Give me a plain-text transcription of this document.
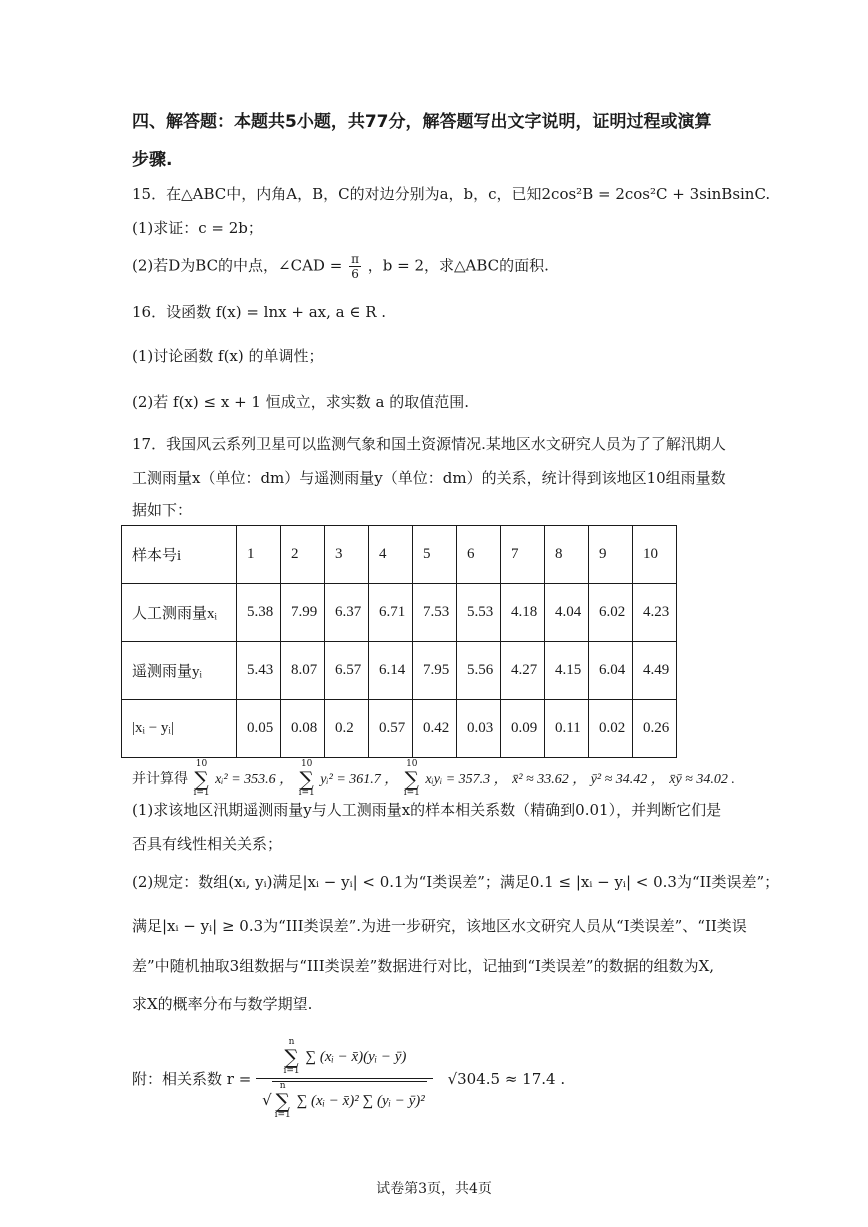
四、解答题：本题共5小题，共77分，解答题写出文字说明，证明过程或演算
步骤.
15．在△ABC中，内角A，B，C的对边分别为a，b，c，已知2cos²B = 2cos²C + 3sinBsinC.
(1)求证：c = 2b；
(2)若D为BC的中点，∠CAD = $\frac{\pi}{6}$ ，b = 2，求△ABC的面积.
16．设函数 f(x) = lnx + ax, a ∈ R .
(1)讨论函数 f(x) 的单调性；
(2)若 f(x) ≤ x + 1 恒成立，求实数 a 的取值范围.
17．我国风云系列卫星可以监测气象和国土资源情况.某地区水文研究人员为了了解汛期人
工测雨量x（单位：dm）与遥测雨量y（单位：dm）的关系，统计得到该地区10组雨量数
据如下：
样本号i	1	2	3	4	5	6	7	8	9	10
人工测雨量xᵢ	5.38	7.99	6.37	6.71	7.53	5.53	4.18	4.04	6.02	4.23
遥测雨量yᵢ	5.43	8.07	6.57	6.14	7.95	5.56	4.27	4.15	6.04	4.49
|xᵢ − yᵢ|	0.05	0.08	0.2	0.57	0.42	0.03	0.09	0.11	0.02	0.26
并计算得
10
∑
i=1
xᵢ² = 353.6 ，
10
∑
i=1
yᵢ² = 361.7 ，
10
∑
i=1
xᵢyᵢ = 357.3 ， x̄² ≈ 33.62 ， ȳ² ≈ 34.42 ， x̄ȳ ≈ 34.02 .
(1)求该地区汛期遥测雨量y与人工测雨量x的样本相关系数（精确到0.01），并判断它们是
否具有线性相关关系；
(2)规定：数组(xᵢ, yᵢ)满足|xᵢ − yᵢ| < 0.1为“I类误差”；满足0.1 ≤ |xᵢ − yᵢ| < 0.3为“II类误差”；
满足|xᵢ − yᵢ| ≥ 0.3为“III类误差”.为进一步研究，该地区水文研究人员从“I类误差”、“II类误
差”中随机抽取3组数据与“III类误差”数据进行对比，记抽到“I类误差”的数据的组数为X,
求X的概率分布与数学期望.
附：相关系数 r = n
∑
i=1
∑ (xᵢ − x̄)(yᵢ − ȳ)
√
n
∑
i=1
∑ (xᵢ − x̄)² ∑ (yᵢ − ȳ)² √304.5 ≈ 17.4 .
试卷第3页，共4页
